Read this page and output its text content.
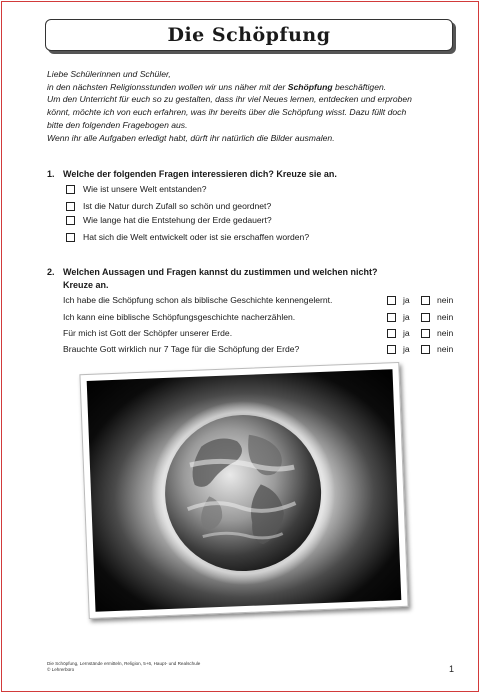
Die Schöpfung

Liebe Schülerinnen und Schüler,

in den nächsten Religionsstunden wollen wir uns näher mit der Schöpfung beschäftigen.

Um den Unterricht für euch so zu gestalten, dass ihr viel Neues lernen, entdecken und erproben

könnt, möchte ich von euch erfahren, was ihr bereits über die Schöpfung wisst. Dazu füllt doch

bitte den folgenden Fragebogen aus.

Wenn ihr alle Aufgaben erledigt habt, dürft ihr natürlich die Bilder ausmalen.

1. Welche der folgenden Fragen interessieren dich? Kreuze sie an.
Wie ist unsere Welt entstanden?
Ist die Natur durch Zufall so schön und geordnet?
Wie lange hat die Entstehung der Erde gedauert?
Hat sich die Welt entwickelt oder ist sie erschaffen worden?
2. Welchen Aussagen und Fragen kannst du zustimmen und welchen nicht?
Kreuze an.
Ich habe die Schöpfung schon als biblische Geschichte kennengelernt.	ja	nein
Ich kann eine biblische Schöpfungsgeschichte nacherzählen.	ja	nein
Für mich ist Gott der Schöpfer unserer Erde.	ja	nein
Brauchte Gott wirklich nur 7 Tage für die Schöpfung der Erde?	ja	nein
Die Schöpfung, Lernstände ermitteln, Religion, 5+6, Haupt- und Realschule
© Lehrerbüro	1
